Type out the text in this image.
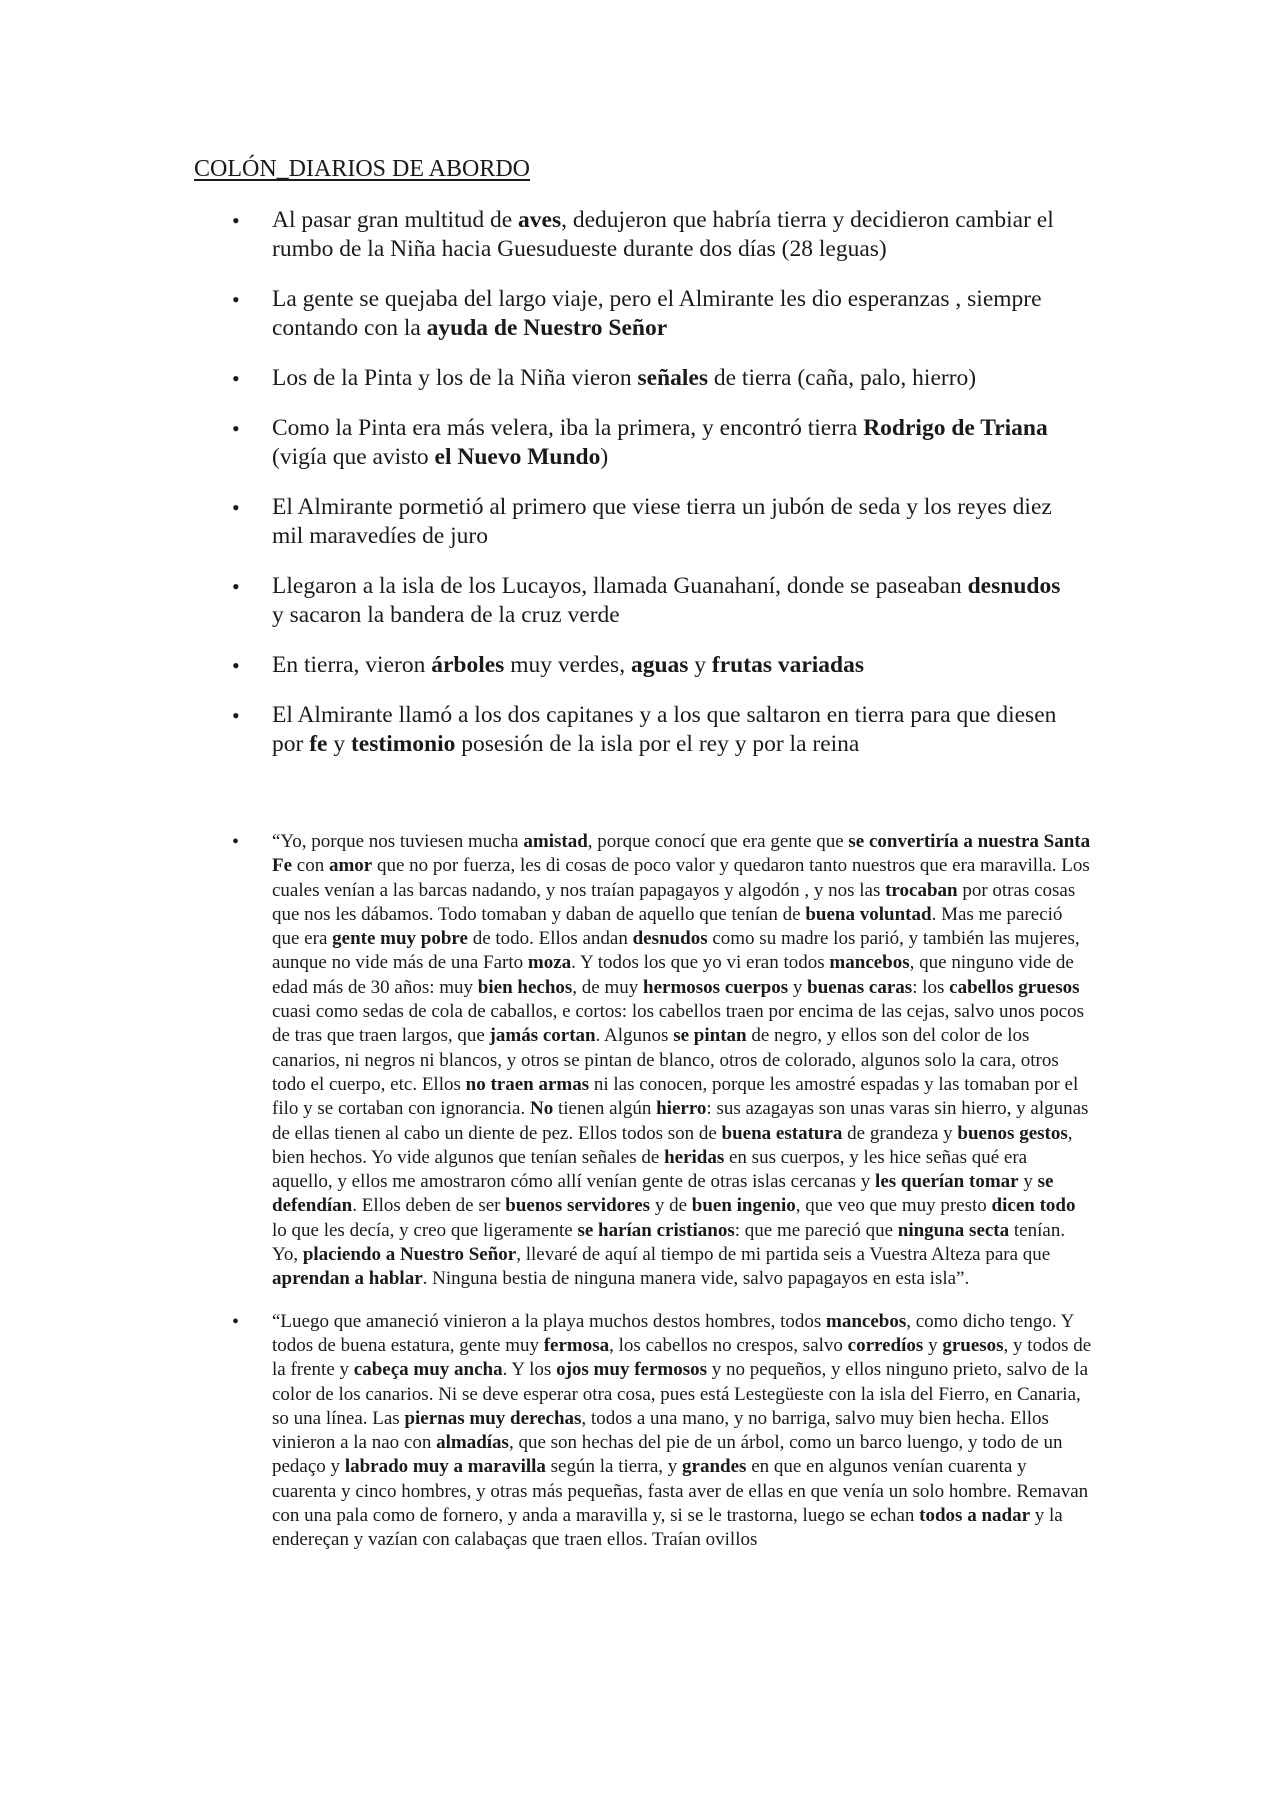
COLÓN_DIARIOS DE ABORDO
• Al pasar gran multitud de aves, dedujeron que habría tierra y decidieron cambiar el rumbo de la Niña hacia Guesudueste durante dos días (28 leguas)
• La gente se quejaba del largo viaje, pero el Almirante les dio esperanzas , siempre contando con la ayuda de Nuestro Señor
• Los de la Pinta y los de la Niña vieron señales de tierra (caña, palo, hierro)
• Como la Pinta era más velera, iba la primera, y encontró tierra Rodrigo de Triana (vigía que avisto el Nuevo Mundo)
• El Almirante pormetió al primero que viese tierra un jubón de seda y los reyes diez mil maravedíes de juro
• Llegaron a la isla de los Lucayos, llamada Guanahaní, donde se paseaban desnudos y sacaron la bandera de la cruz verde
• En tierra, vieron árboles muy verdes, aguas y frutas variadas
• El Almirante llamó a los dos capitanes y a los que saltaron en tierra para que diesen por fe y testimonio posesión de la isla por el rey y por la reina
• “Yo, porque nos tuviesen mucha amistad, porque conocí que era gente que se convertiría a nuestra Santa Fe con amor que no por fuerza, les di cosas de poco valor y quedaron tanto nuestros que era maravilla. Los cuales venían a las barcas nadando, y nos traían papagayos y algodón , y nos las trocaban por otras cosas que nos les dábamos. Todo tomaban y daban de aquello que tenían de buena voluntad. Mas me pareció que era gente muy pobre de todo. Ellos andan desnudos como su madre los parió, y también las mujeres, aunque no vide más de una Farto moza. Y todos los que yo vi eran todos mancebos, que ninguno vide de edad más de 30 años: muy bien hechos, de muy hermosos cuerpos y buenas caras: los cabellos gruesos cuasi como sedas de cola de caballos, e cortos: los cabellos traen por encima de las cejas, salvo unos pocos de tras que traen largos, que jamás cortan. Algunos se pintan de negro, y ellos son del color de los canarios, ni negros ni blancos, y otros se pintan de blanco, otros de colorado, algunos solo la cara, otros todo el cuerpo, etc. Ellos no traen armas ni las conocen, porque les amostré espadas y las tomaban por el filo y se cortaban con ignorancia. No tienen algún hierro: sus azagayas son unas varas sin hierro, y algunas de ellas tienen al cabo un diente de pez. Ellos todos son de buena estatura de grandeza y buenos gestos, bien hechos. Yo vide algunos que tenían señales de heridas en sus cuerpos, y les hice señas qué era aquello, y ellos me amostraron cómo allí venían gente de otras islas cercanas y les querían tomar y se defendían. Ellos deben de ser buenos servidores y de buen ingenio, que veo que muy presto dicen todo lo que les decía, y creo que ligeramente se harían cristianos: que me pareció que ninguna secta tenían. Yo, placiendo a Nuestro Señor, llevaré de aquí al tiempo de mi partida seis a Vuestra Alteza para que aprendan a hablar. Ninguna bestia de ninguna manera vide, salvo papagayos en esta isla”.
• “Luego que amaneció vinieron a la playa muchos destos hombres, todos mancebos, como dicho tengo. Y todos de buena estatura, gente muy fermosa, los cabellos no crespos, salvo corredíos y gruesos, y todos de la frente y cabeça muy ancha. Y los ojos muy fermosos y no pequeños, y ellos ninguno prieto, salvo de la color de los canarios. Ni se deve esperar otra cosa, pues está Lestegüeste con la isla del Fierro, en Canaria, so una línea. Las piernas muy derechas, todos a una mano, y no barriga, salvo muy bien hecha. Ellos vinieron a la nao con almadías, que son hechas del pie de un árbol, como un barco luengo, y todo de un pedaço y labrado muy a maravilla según la tierra, y grandes en que en algunos venían cuarenta y cuarenta y cinco hombres, y otras más pequeñas, fasta aver de ellas en que venía un solo hombre. Remavan con una pala como de fornero, y anda a maravilla y, si se le trastorna, luego se echan todos a nadar y la endereçan y vazían con calabaças que traen ellos. Traían ovillos
